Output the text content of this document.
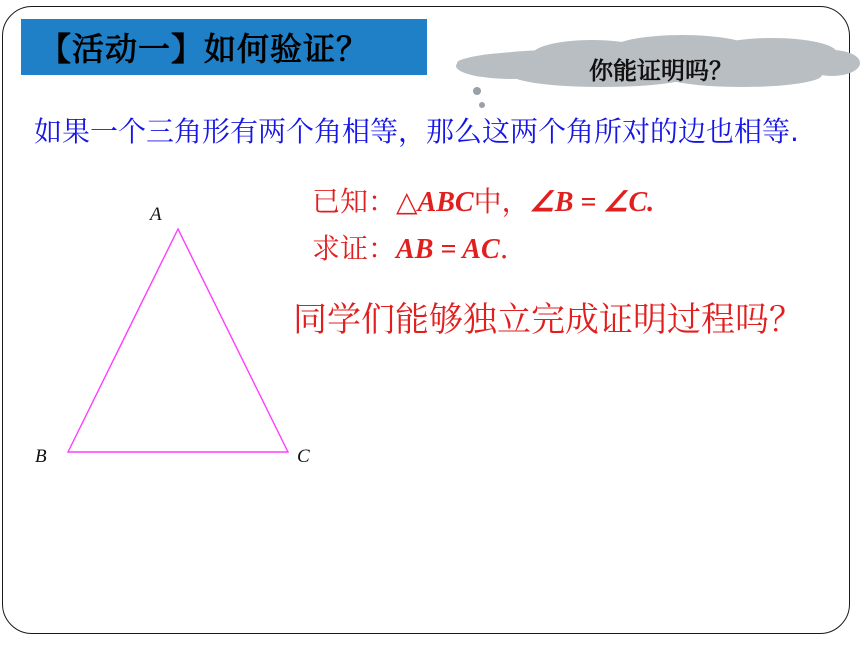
【活动一】如何验证？
你能证明吗？
如果一个三角形有两个角相等，那么这两个角所对的边也相等.
已知：△ABC中，∠B = ∠C.
求证：AB = AC.
同学们能够独立完成证明过程吗？
A
B	C
